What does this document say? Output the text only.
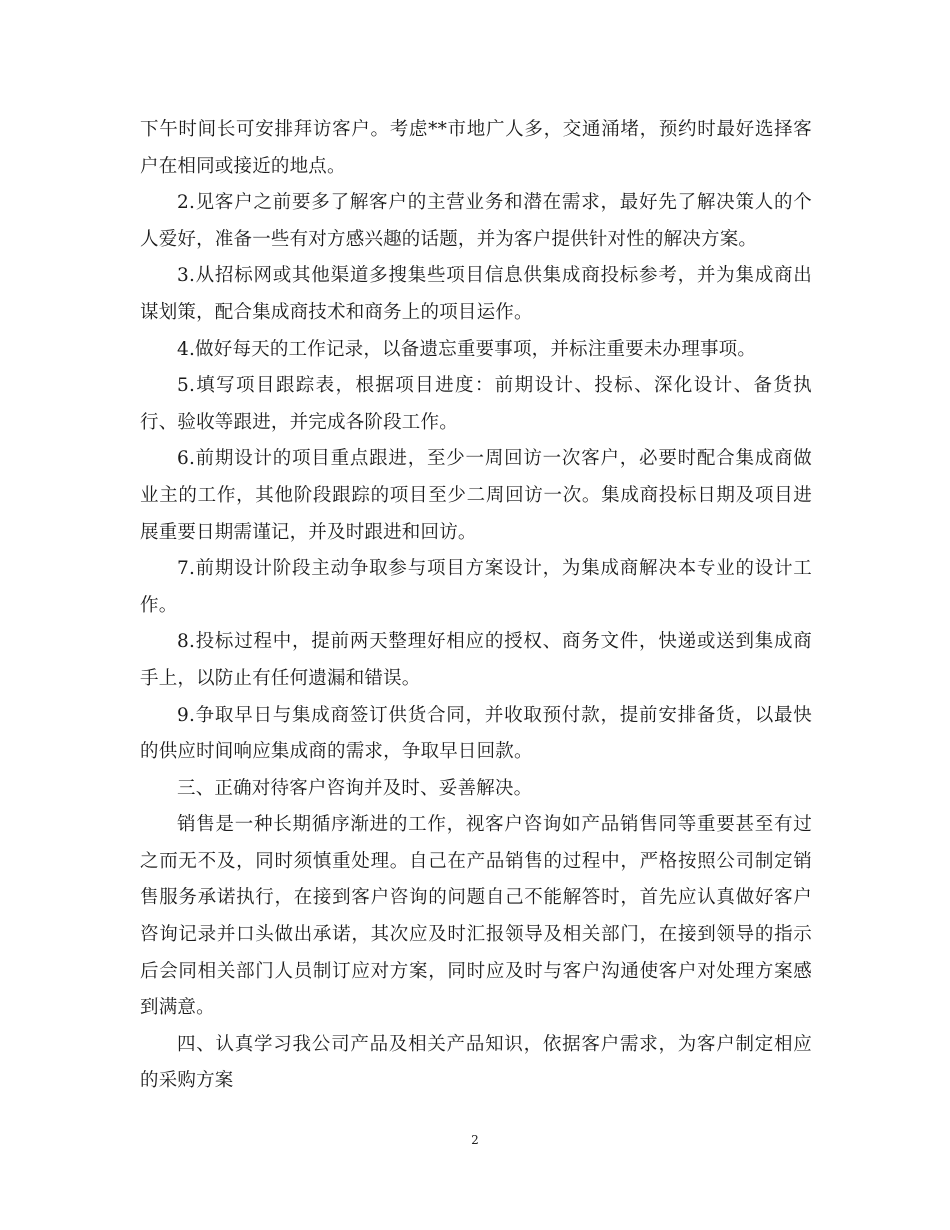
下午时间长可安排拜访客户。考虑**市地广人多，交通涌堵，预约时最好选择客户在相同或接近的地点。

2.见客户之前要多了解客户的主营业务和潜在需求，最好先了解决策人的个人爱好，准备一些有对方感兴趣的话题，并为客户提供针对性的解决方案。

3.从招标网或其他渠道多搜集些项目信息供集成商投标参考，并为集成商出谋划策，配合集成商技术和商务上的项目运作。

4.做好每天的工作记录，以备遗忘重要事项，并标注重要未办理事项。

5.填写项目跟踪表，根据项目进度：前期设计、投标、深化设计、备货执行、验收等跟进，并完成各阶段工作。

6.前期设计的项目重点跟进，至少一周回访一次客户，必要时配合集成商做业主的工作，其他阶段跟踪的项目至少二周回访一次。集成商投标日期及项目进展重要日期需谨记，并及时跟进和回访。

7.前期设计阶段主动争取参与项目方案设计，为集成商解决本专业的设计工作。

8.投标过程中，提前两天整理好相应的授权、商务文件，快递或送到集成商手上，以防止有任何遗漏和错误。

9.争取早日与集成商签订供货合同，并收取预付款，提前安排备货，以最快的供应时间响应集成商的需求，争取早日回款。

三、正确对待客户咨询并及时、妥善解决。

销售是一种长期循序渐进的工作，视客户咨询如产品销售同等重要甚至有过之而无不及，同时须慎重处理。自己在产品销售的过程中，严格按照公司制定销售服务承诺执行，在接到客户咨询的问题自己不能解答时，首先应认真做好客户咨询记录并口头做出承诺，其次应及时汇报领导及相关部门，在接到领导的指示后会同相关部门人员制订应对方案，同时应及时与客户沟通使客户对处理方案感到满意。

四、认真学习我公司产品及相关产品知识，依据客户需求，为客户制定相应的采购方案

2
